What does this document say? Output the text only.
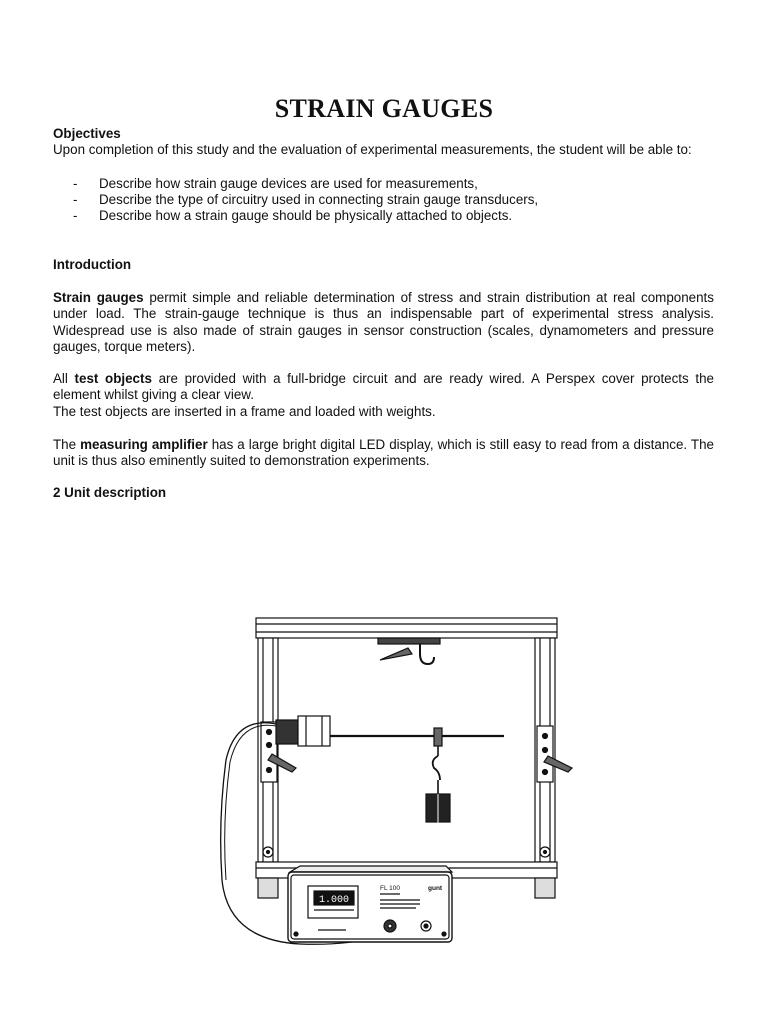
STRAIN GAUGES
Objectives
Upon completion of this study and the evaluation of experimental measurements, the student will be able to:
- Describe how strain gauge devices are used for measurements,
- Describe the type of circuitry used in connecting strain gauge transducers,
- Describe how a strain gauge should be physically attached to objects.
Introduction
Strain gauges permit simple and reliable determination of stress and strain distribution at real components under load. The strain-gauge technique is thus an indispensable part of experimental stress analysis. Widespread use is also made of strain gauges in sensor construction (scales, dynamometers and pressure gauges, torque meters).
All test objects are provided with a full-bridge circuit and are ready wired. A Perspex cover protects the element whilst giving a clear view.
The test objects are inserted in a frame and loaded with weights.
The measuring amplifier has a large bright digital LED display, which is still easy to read from a distance. The unit is thus also eminently suited to demonstration experiments.
2 Unit description
1.000
FL 100	gunt
